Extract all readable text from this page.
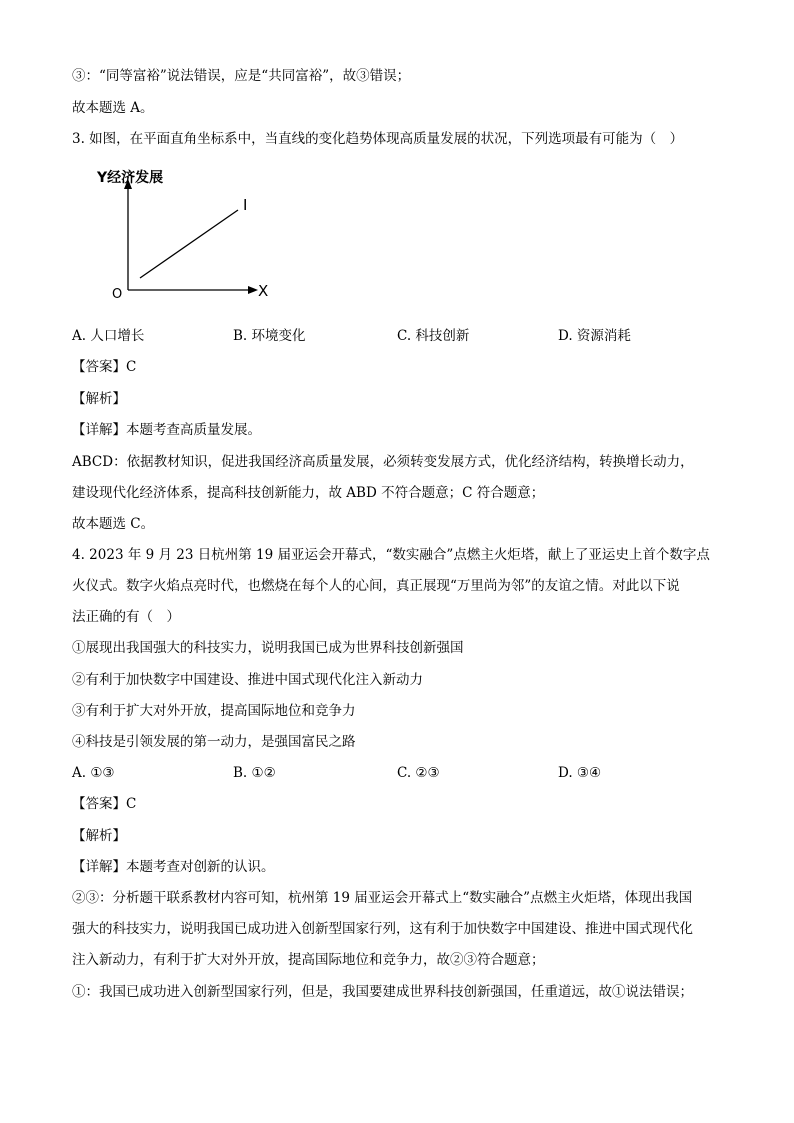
③：“同等富裕”说法错误，应是“共同富裕”，故③错误；
故本题选 A。
3. 如图，在平面直角坐标系中，当直线的变化趋势体现高质量发展的状况，下列选项最有可能为（　）
Y经济发展
X
O
I
A. 人口增长	B. 环境变化	C. 科技创新	D. 资源消耗
【答案】C
【解析】
【详解】本题考查高质量发展。
ABCD：依据教材知识，促进我国经济高质量发展，必须转变发展方式，优化经济结构，转换增长动力，
建设现代化经济体系，提高科技创新能力，故 ABD 不符合题意；C 符合题意；
故本题选 C。
4. 2023 年 9 月 23 日杭州第 19 届亚运会开幕式，“数实融合”点燃主火炬塔，献上了亚运史上首个数字点
火仪式。数字火焰点亮时代，也燃烧在每个人的心间，真正展现“万里尚为邻”的友谊之情。对此以下说
法正确的有（　）
①展现出我国强大的科技实力，说明我国已成为世界科技创新强国
②有利于加快数字中国建设、推进中国式现代化注入新动力
③有利于扩大对外开放，提高国际地位和竞争力
④科技是引领发展的第一动力，是强国富民之路
A. ①③	B. ①②	C. ②③	D. ③④
【答案】C
【解析】
【详解】本题考查对创新的认识。
②③：分析题干联系教材内容可知，杭州第 19 届亚运会开幕式上“数实融合”点燃主火炬塔，体现出我国
强大的科技实力，说明我国已成功进入创新型国家行列，这有利于加快数字中国建设、推进中国式现代化
注入新动力，有利于扩大对外开放，提高国际地位和竞争力，故②③符合题意；
①：我国已成功进入创新型国家行列，但是，我国要建成世界科技创新强国，任重道远，故①说法错误；
